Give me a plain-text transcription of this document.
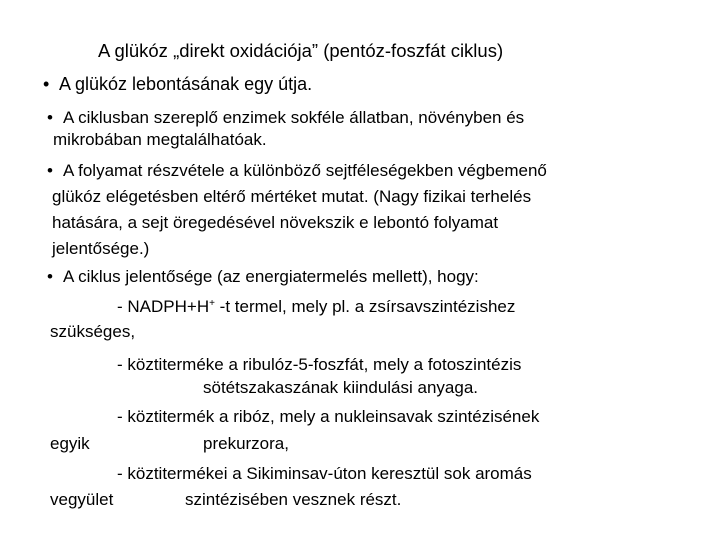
A glükóz „direkt oxidációja” (pentóz-foszfát ciklus)
• A glükóz lebontásának egy útja.
• A ciklusban szereplő enzimek sokféle állatban, növényben és
mikrobában megtalálhatóak.
• A folyamat részvétele a különböző sejtféleségekben végbemenő
glükóz elégetésben eltérő mértéket mutat. (Nagy fizikai terhelés
hatására, a sejt öregedésével növekszik e lebontó folyamat
jelentősége.)
• A ciklus jelentősége (az energiatermelés mellett), hogy:
- NADPH+H+ -t termel, mely pl. a zsírsavszintézishez
szükséges,
- köztiterméke a ribulóz-5-foszfát, mely a fotoszintézis
sötétszakaszának kiindulási anyaga.
- köztitermék a ribóz, mely a nukleinsavak szintézisének
egyik	prekurzora,
- köztitermékei a Sikiminsav-úton keresztül sok aromás
vegyület	szintézisében vesznek részt.
